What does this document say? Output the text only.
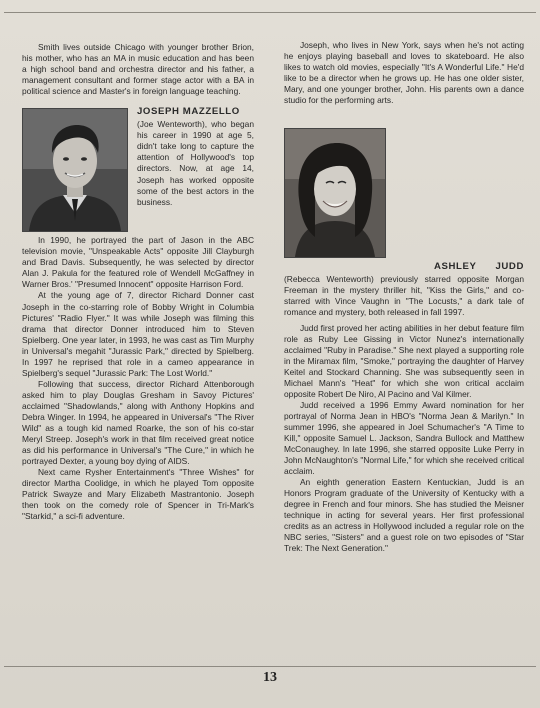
Smith lives outside Chicago with younger brother Brion, his mother, who has an MA in music education and has been a high school band and orchestra director and his father, a management consultant and former stage actor with a BA in political science and Master's in foreign language teaching.

JOSEPH MAZZELLO

(Joe Wenteworth), who began his career in 1990 at age 5, didn't take long to capture the attention of Hollywood's top directors. Now, at age 14, Joseph has worked opposite some of the best actors in the business.

In 1990, he portrayed the part of Jason in the ABC television movie, "Unspeakable Acts" opposite Jill Clayburgh and Brad Davis. Subsequently, he was selected by director Alan J. Pakula for the featured role of Wendell McGaffney in Warner Bros.' "Presumed Innocent" opposite Harrison Ford.

At the young age of 7, director Richard Donner cast Joseph in the co-starring role of Bobby Wright in Columbia Pictures' "Radio Flyer." It was while Joseph was filming this drama that director Donner introduced him to Steven Spielberg. One year later, in 1993, he was cast as Tim Murphy in Universal's megahit "Jurassic Park," directed by Spielberg. In 1997 he reprised that role in a cameo appearance in Spielberg's sequel "Jurassic Park: The Lost World."

Following that success, director Richard Attenborough asked him to play Douglas Gresham in Savoy Pictures' acclaimed "Shadowlands," along with Anthony Hopkins and Debra Winger. In 1994, he appeared in Universal's "The River Wild" as a tough kid named Roarke, the son of his co-star Meryl Streep. Joseph's work in that film received great notice as did his performance in Universal's "The Cure," in which he portrayed Dexter, a young boy dying of AIDS.

Next came Rysher Entertainment's "Three Wishes" for director Martha Coolidge, in which he played Tom opposite Patrick Swayze and Mary Elizabeth Mastrantonio. Joseph then took on the comedy role of Spencer in Tri-Mark's "Starkid," a sci-fi adventure.

Joseph, who lives in New York, says when he's not acting he enjoys playing baseball and loves to skateboard. He also likes to watch old movies, especially "It's A Wonderful Life." He'd like to be a director when he grows up. He has one older sister, Mary, and one younger brother, John. His parents own a dance studio for the performing arts.

ASHLEY JUDD

(Rebecca Wenteworth) previously starred opposite Morgan Freeman in the mystery thriller hit, "Kiss the Girls," and co-starred with Vince Vaughn in "The Locusts," a dark tale of romance and mystery, both released in fall 1997.

Judd first proved her acting abilities in her debut feature film role as Ruby Lee Gissing in Victor Nunez's internationally acclaimed "Ruby in Paradise." She next played a supporting role in the Miramax film, "Smoke," portraying the daughter of Harvey Keitel and Stockard Channing. She was subsequently seen in Michael Mann's "Heat" for which she won critical acclaim opposite Robert De Niro, Al Pacino and Val Kilmer.

Judd received a 1996 Emmy Award nomination for her portrayal of Norma Jean in HBO's "Norma Jean & Marilyn." In summer 1996, she appeared in Joel Schumacher's "A Time to Kill," opposite Samuel L. Jackson, Sandra Bullock and Matthew McConaughey. In late 1996, she starred opposite Luke Perry in John McNaughton's "Normal Life," for which she received critical acclaim.

An eighth generation Eastern Kentuckian, Judd is an Honors Program graduate of the University of Kentucky with a degree in French and four minors. She has studied the Meisner technique in acting for several years. Her first professional credits as an actress in Hollywood included a regular role on the NBC series, "Sisters" and a guest role on two episodes of "Star Trek: The Next Generation."

13
